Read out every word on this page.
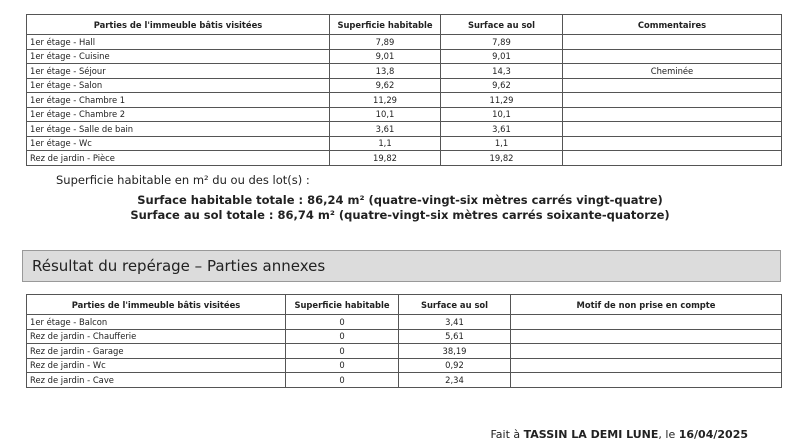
Parties de l'immeuble bâtis visitées	Superficie habitable	Surface au sol	Commentaires
1er étage - Hall	7,89	7,89	
1er étage - Cuisine	9,01	9,01	
1er étage - Séjour	13,8	14,3	Cheminée
1er étage - Salon	9,62	9,62	
1er étage - Chambre 1	11,29	11,29	
1er étage - Chambre 2	10,1	10,1	
1er étage - Salle de bain	3,61	3,61	
1er étage - Wc	1,1	1,1	
Rez de jardin - Pièce	19,82	19,82	
Superficie habitable en m² du ou des lot(s) :
Surface habitable totale : 86,24 m² (quatre-vingt-six mètres carrés vingt-quatre)
Surface au sol totale : 86,74 m² (quatre-vingt-six mètres carrés soixante-quatorze)
Résultat du repérage – Parties annexes
Parties de l'immeuble bâtis visitées	Superficie habitable	Surface au sol	Motif de non prise en compte
1er étage - Balcon	0	3,41	
Rez de jardin - Chaufferie	0	5,61	
Rez de jardin - Garage	0	38,19	
Rez de jardin - Wc	0	0,92	
Rez de jardin - Cave	0	2,34	
Fait à TASSIN LA DEMI LUNE, le 16/04/2025
